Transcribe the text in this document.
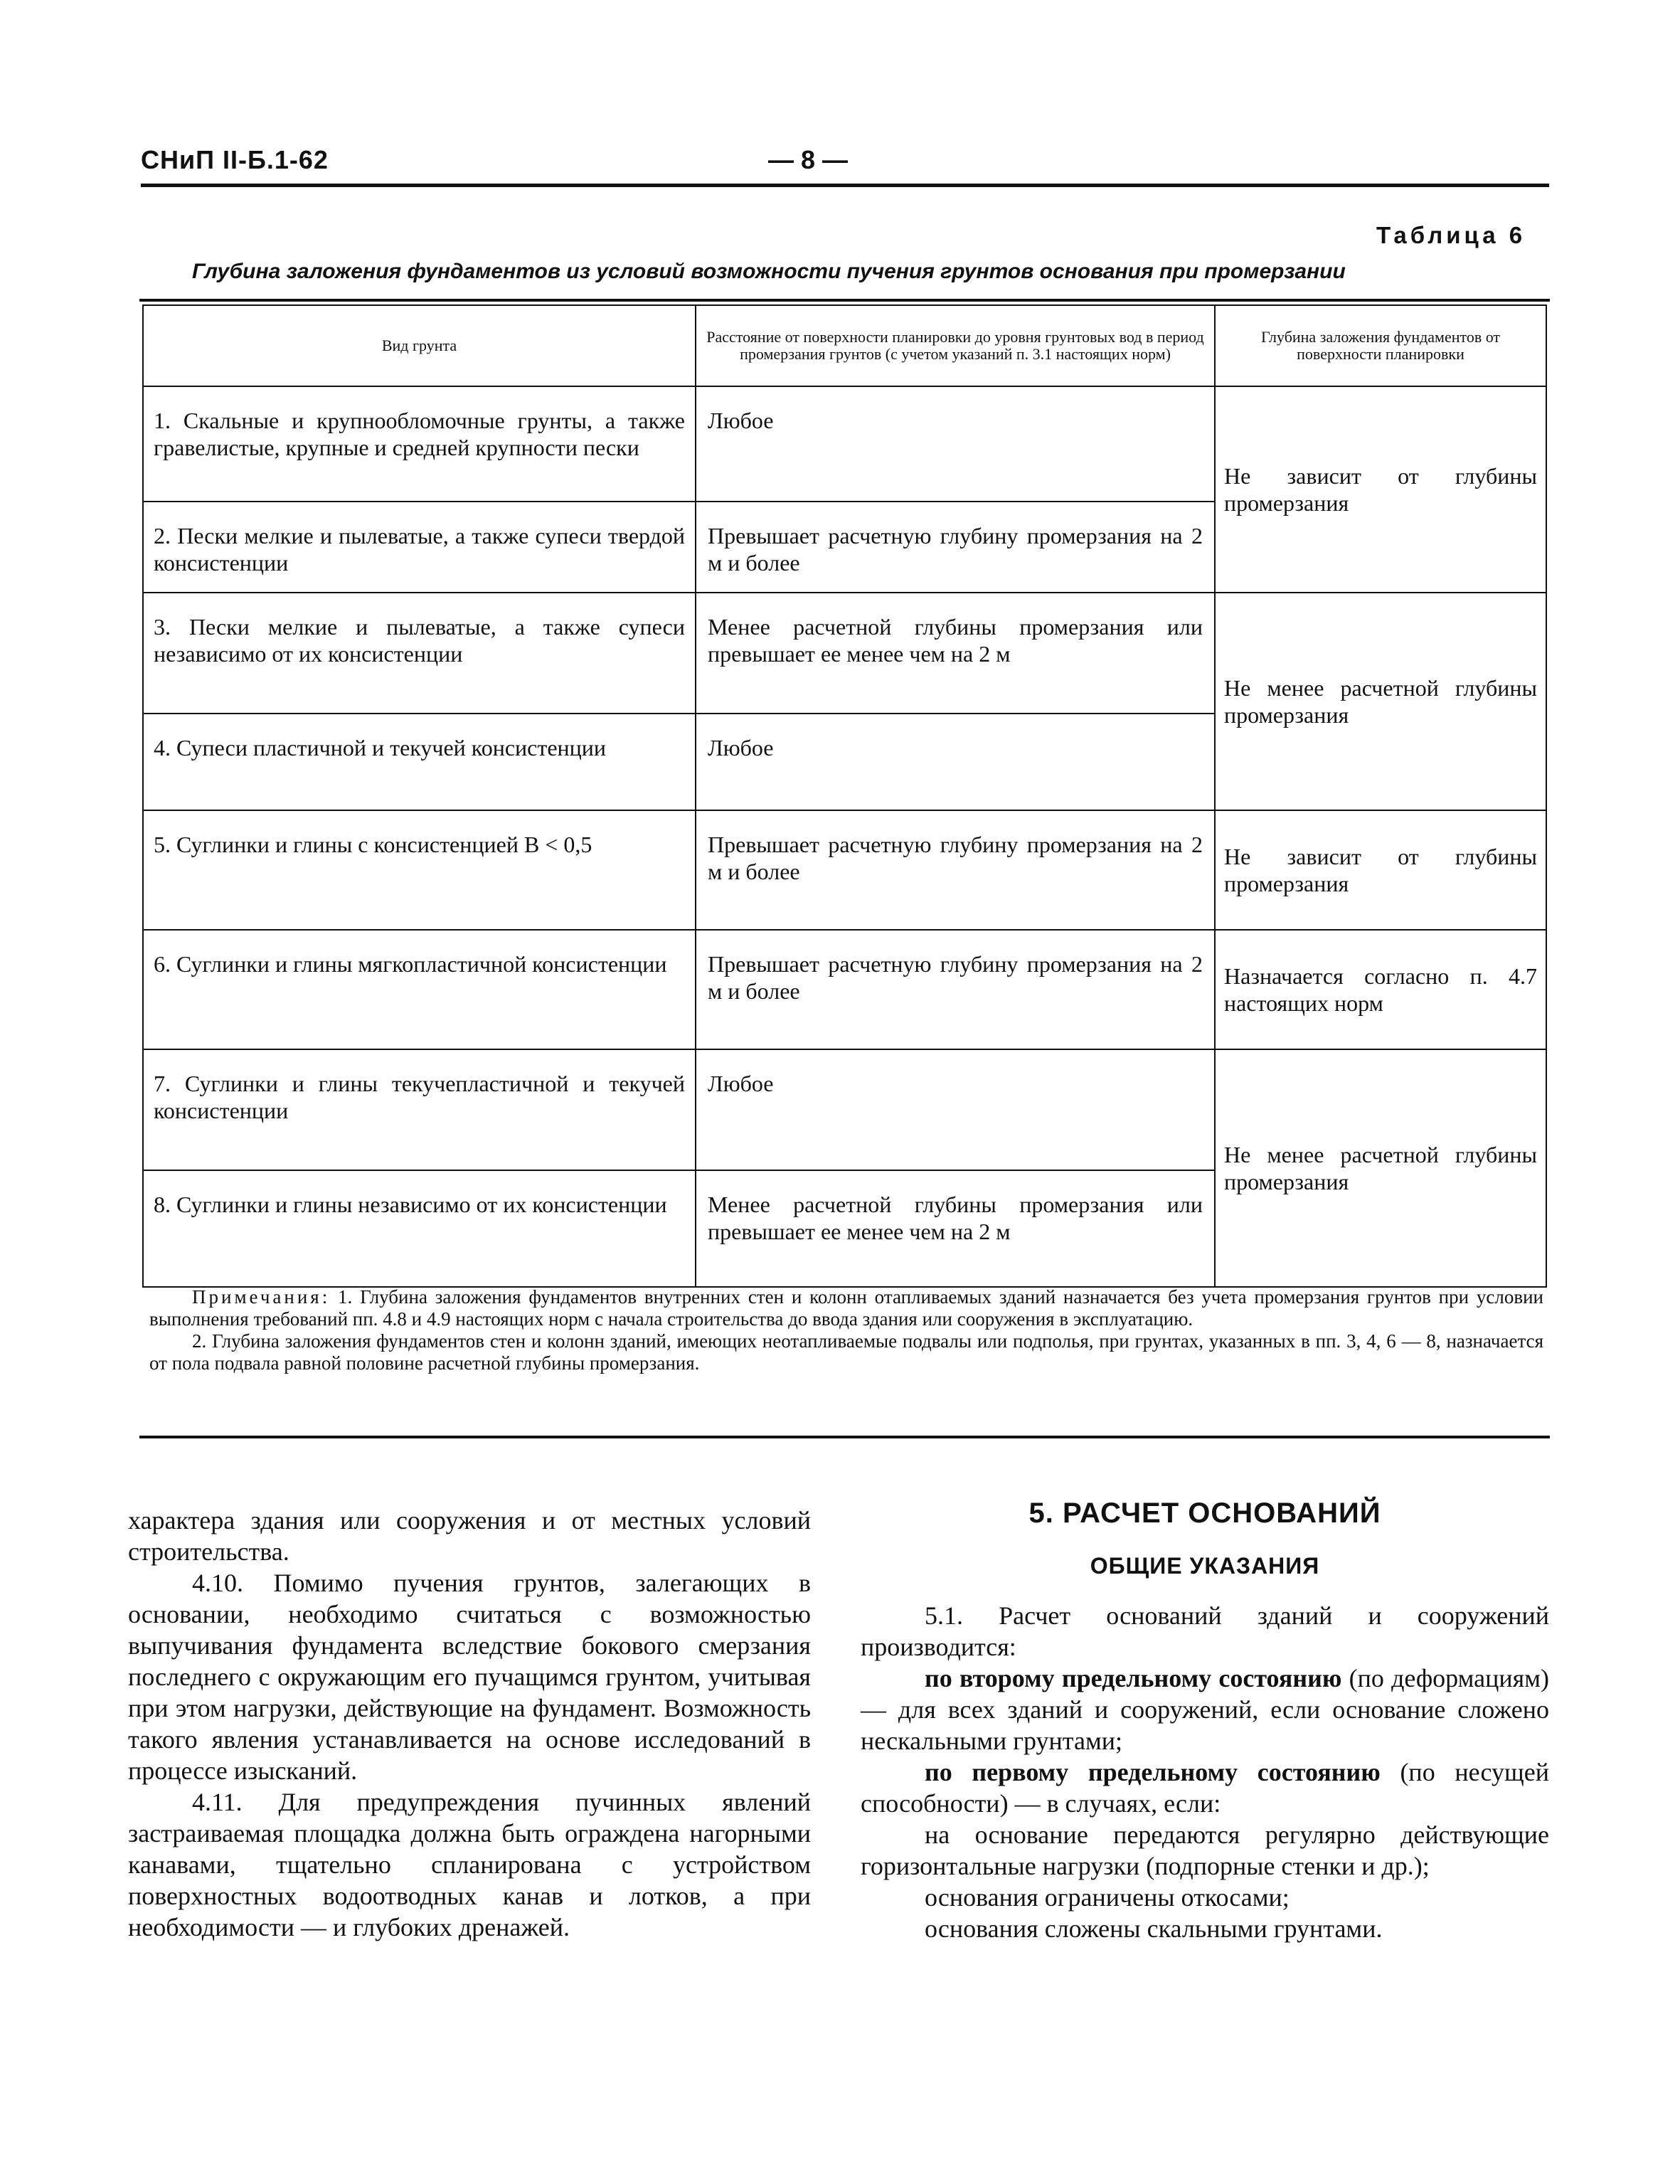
СНиП II-Б.1-62	— 8 —
Таблица 6
Глубина заложения фундаментов из условий возможности пучения грунтов основания при промерзании
Вид грунта	Расстояние от поверхности планировки до уровня грунтовых вод в период промерзания грунтов (с учетом указаний п. 3.1 настоящих норм)	Глубина заложения фундаментов от поверхности планировки
1. Скальные и крупнообломочные грунты, а также гравелистые, крупные и средней крупности пески	Любое	Не зависит от глубины промерзания
2. Пески мелкие и пылеватые, а также супеси твердой консистенции	Превышает расчетную глубину промерзания на 2 м и более	
3. Пески мелкие и пылеватые, а также супеси независимо от их консистенции	Менее расчетной глубины промерзания или превышает ее менее чем на 2 м	Не менее расчетной глубины промерзания
4. Супеси пластичной и текучей консистенции	Любое	
5. Суглинки и глины с консистенцией B < 0,5	Превышает расчетную глубину промерзания на 2 м и более	Не зависит от глубины промерзания
6. Суглинки и глины мягкопластичной консистенции	Превышает расчетную глубину промерзания на 2 м и более	Назначается согласно п. 4.7 настоящих норм
7. Суглинки и глины текучепластичной и текучей консистенции	Любое	Не менее расчетной глубины промерзания
8. Суглинки и глины независимо от их консистенции	Менее расчетной глубины промерзания или превышает ее менее чем на 2 м	
Примечания: 1. Глубина заложения фундаментов внутренних стен и колонн отапливаемых зданий назначается без учета промерзания грунтов при условии выполнения требований пп. 4.8 и 4.9 настоящих норм с начала строительства до ввода здания или сооружения в эксплуатацию.
2. Глубина заложения фундаментов стен и колонн зданий, имеющих неотапливаемые подвалы или подполья, при грунтах, указанных в пп. 3, 4, 6 — 8, назначается от пола подвала равной половине расчетной глубины промерзания.

характера здания или сооружения и от местных условий строительства.

4.10. Помимо пучения грунтов, залегающих в основании, необходимо считаться с возможностью выпучивания фундамента вследствие бокового смерзания последнего с окружающим его пучащимся грунтом, учитывая при этом нагрузки, действующие на фундамент. Возможность такого явления устанавливается на основе исследований в процессе изысканий.

4.11. Для предупреждения пучинных явлений застраиваемая площадка должна быть ограждена нагорными канавами, тщательно спланирована с устройством поверхностных водоотводных канав и лотков, а при необходимости — и глубоких дренажей.

5. РАСЧЕТ ОСНОВАНИЙ
ОБЩИЕ УКАЗАНИЯ

5.1. Расчет оснований зданий и сооружений производится:

по второму предельному состоянию (по деформациям) — для всех зданий и сооружений, если основание сложено нескальными грунтами;

по первому предельному состоянию (по несущей способности) — в случаях, если:

на основание передаются регулярно действующие горизонтальные нагрузки (подпорные стенки и др.);

основания ограничены откосами;

основания сложены скальными грунтами.
